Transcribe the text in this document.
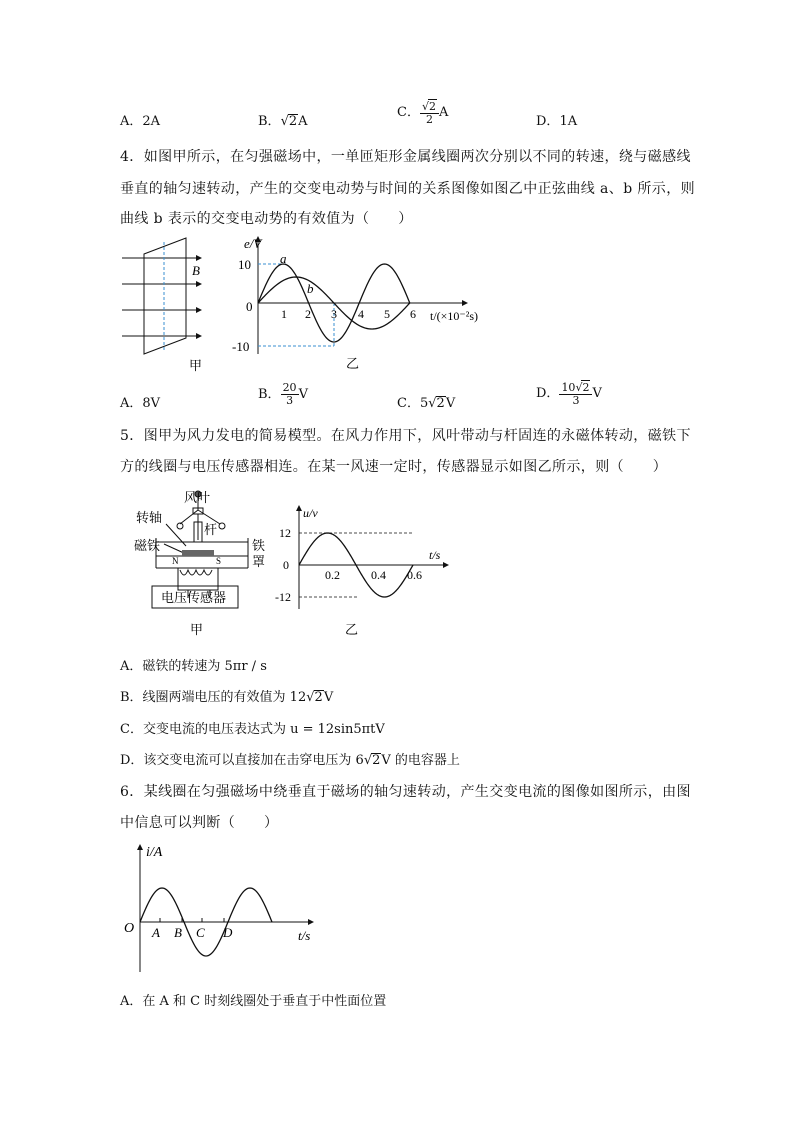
A．2A	B．√2A
C． $\frac{√2}{2}$ A
D．1A
4．如图甲所示，在匀强磁场中，一单匝矩形金属线圈两次分别以不同的转速，绕与磁感线
垂直的轴匀速转动，产生的交变电动势与时间的关系图像如图乙中正弦曲线 a、b 所示，则
曲线 b 表示的交变电动势的有效值为（　　）
B
甲
e/V
10
-10
0 1 2 3 4 5 6 t/(×10⁻²s)
a
b
乙
A．8V
B． $\frac{20}{3}$ V
C．5√2V
D． $\frac{10√2}{3}$ V
5．图甲为风力发电的简易模型。在风力作用下，风叶带动与杆固连的永磁体转动，磁铁下
方的线圈与电压传感器相连。在某一风速一定时，传感器显示如图乙所示，则（　　）
风叶
转轴
杆
磁铁
N	S
铁
罩
电压传感器
甲
u/v
12
-12
0
0.2	0.4 0.6
t/s
乙
A．磁铁的转速为 5πr / s
B．线圈两端电压的有效值为 12√2V
C．交变电流的电压表达式为 u = 12sin5πtV
D．该交变电流可以直接加在击穿电压为 6√2V 的电容器上
6．某线圈在匀强磁场中绕垂直于磁场的轴匀速转动，产生交变电流的图像如图所示，由图
中信息可以判断（　　）
i/A
O A B C D	t/s
A．在 A 和 C 时刻线圈处于垂直于中性面位置
